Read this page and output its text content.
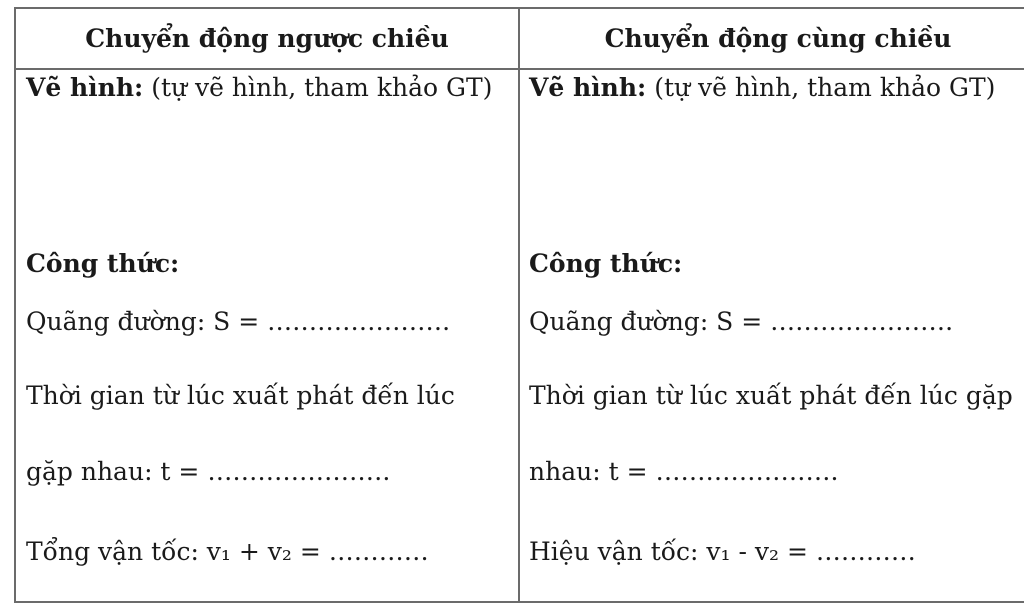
Chuyển động ngược chiều	Chuyển động cùng chiều
Vẽ hình: (tự vẽ hình, tham khảo GT)
Công thức:
Quãng đường: S = ………………….
Thời gian từ lúc xuất phát đến lúc
gặp nhau: t = ………………….
Tổng vận tốc: v₁ + v₂ = …………
Vẽ hình: (tự vẽ hình, tham khảo GT)
Công thức:
Quãng đường: S = ………………….
Thời gian từ lúc xuất phát đến lúc gặp
nhau: t = ………………….
Hiệu vận tốc: v₁ - v₂ = …………
